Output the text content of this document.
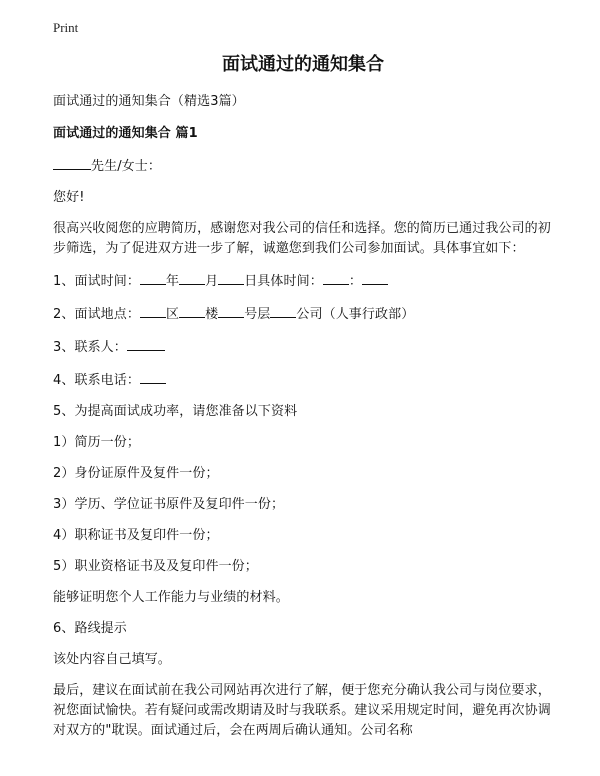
Print
面试通过的通知集合

面试通过的通知集合（精选3篇）

面试通过的通知集合 篇1

先生/女士：

您好!

很高兴收阅您的应聘简历，感谢您对我公司的信任和选择。您的简历已通过我公司的初步筛选，为了促进双方进一步了解，诚邀您到我们公司参加面试。具体事宜如下：

1、面试时间： 年 月 日具体时间： ：

2、面试地点： 区 楼 号层 公司（人事行政部）

3、联系人：

4、联系电话：

5、为提高面试成功率，请您准备以下资料

1）简历一份；

2）身份证原件及复件一份；

3）学历、学位证书原件及复印件一份；

4）职称证书及复印件一份；

5）职业资格证书及及复印件一份；

能够证明您个人工作能力与业绩的材料。

6、路线提示

该处内容自己填写。

最后，建议在面试前在我公司网站再次进行了解，便于您充分确认我公司与岗位要求，祝您面试愉快。若有疑问或需改期请及时与我联系。建议采用规定时间，避免再次协调对双方的"耽误。面试通过后，会在两周后确认通知。公司名称
